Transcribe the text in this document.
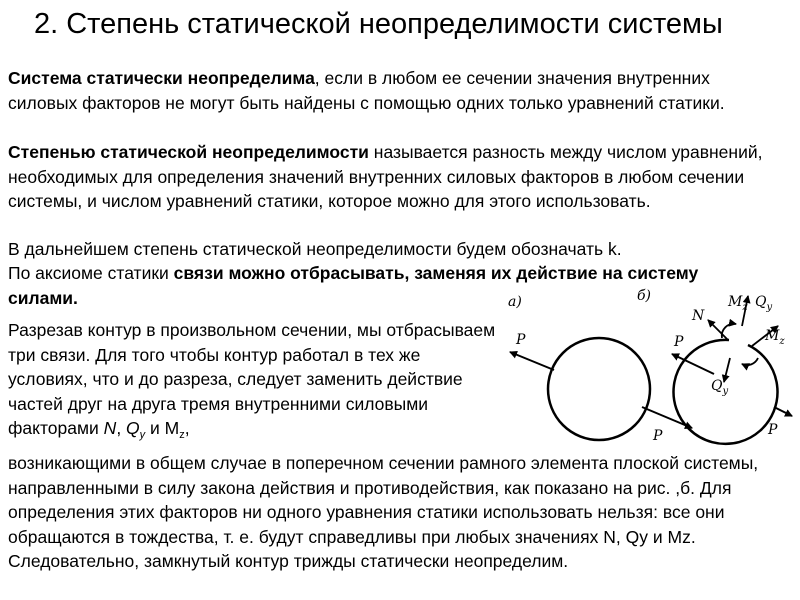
2. Степень статической неопределимости системы
Система статически неопределима, если в любом ее сечении значения внутренних силовых факторов не могут быть найдены с помощью одних только уравнений статики.
Степенью статической неопределимости называется разность между числом уравнений, необходимых для определения значений внутренних силовых факторов в любом сечении системы, и числом уравнений статики, которое можно для этого использовать.
В дальнейшем степень статической неопределимости будем обозначать k.
По аксиоме статики связи можно отбрасывать, заменяя их действие на систему силами.
Разрезав контур в произвольном сечении, мы отбрасываем три связи. Для того чтобы контур работал в тех же условиях, что и до разреза, следует заменить действие частей друг на друга тремя внутренними силовыми факторами N, $Q_y$ и $M_z$,
возникающими в общем случае в поперечном сечении рамного элемента плоской системы, направленными в силу закона действия и противодействия, как показано на рис. ,б. Для определения этих факторов ни одного уравнения статики использовать нельзя: все они обращаются в тождества, т. е. будут справедливы при любых значениях N, Qy и Mz. Следовательно, замкнутый контур трижды статически неопределим.
а)
P
P
б)
P
P
N
$M_z$
$Q_y$
$Q_y$
$M_z$
